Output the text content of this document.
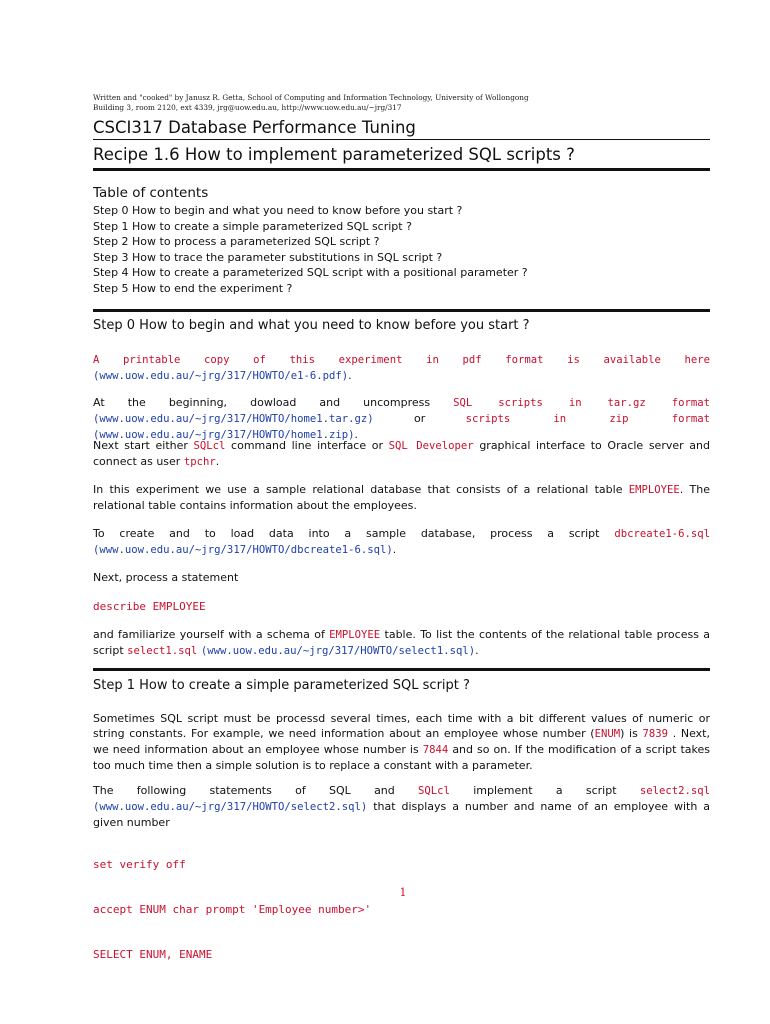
Written and "cooked" by Janusz R. Getta, School of Computing and Information Technology, University of Wollongong
Building 3, room 2120, ext 4339, jrg@uow.edu.au, http://www.uow.edu.au/~jrg/317
CSCI317 Database Performance Tuning
Recipe 1.6 How to implement parameterized SQL scripts ?
Table of contents
Step 0 How to begin and what you need to know before you start ?
Step 1 How to create a simple parameterized SQL script ?
Step 2 How to process a parameterized SQL script ?
Step 3 How to trace the parameter substitutions in SQL script ?
Step 4 How to create a parameterized SQL script with a positional parameter ?
Step 5 How to end the experiment ?
Step 0 How to begin and what you need to know before you start ?
A printable copy of this experiment in pdf format is available here (www.uow.edu.au/~jrg/317/HOWTO/e1-6.pdf).
At the beginning, dowload and uncompress SQL scripts in tar.gz format (www.uow.edu.au/~jrg/317/HOWTO/home1.tar.gz) or scripts in zip format (www.uow.edu.au/~jrg/317/HOWTO/home1.zip).
Next start either SQLcl command line interface or SQL Developer graphical interface to Oracle server and connect as user tpchr.
In this experiment we use a sample relational database that consists of a relational table EMPLOYEE. The relational table contains information about the employees.
To create and to load data into a sample database, process a script dbcreate1-6.sql (www.uow.edu.au/~jrg/317/HOWTO/dbcreate1-6.sql).
Next, process a statement
describe EMPLOYEE
and familiarize yourself with a schema of EMPLOYEE table. To list the contents of the relational table process a script select1.sql (www.uow.edu.au/~jrg/317/HOWTO/select1.sql).
Step 1 How to create a simple parameterized SQL script ?
Sometimes SQL script must be processd several times, each time with a bit different values of numeric or string constants. For example, we need information about an employee whose number (ENUM) is 7839 . Next, we need information about an employee whose number is 7844 and so on. If the modification of a script takes too much time then a simple solution is to replace a constant with a parameter.
The following statements of SQL and SQLcl implement a script select2.sql (www.uow.edu.au/~jrg/317/HOWTO/select2.sql) that displays a number and name of an employee with a given number

set verify off

accept ENUM char prompt 'Employee number>'

SELECT ENUM, ENAME

1
